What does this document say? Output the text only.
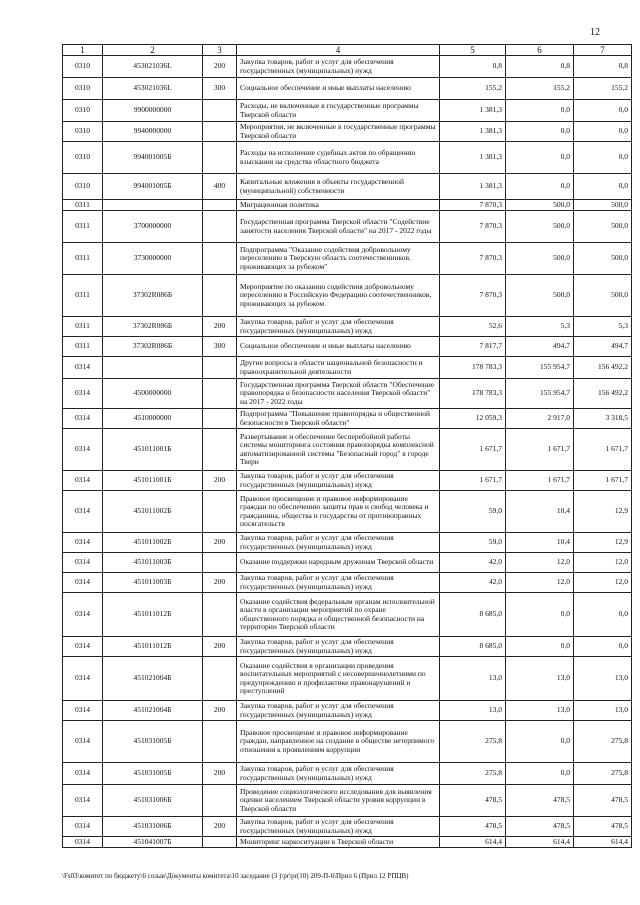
12
1	2	3	4	5	6	7
0310	453021036L	200	Закупка товаров, работ и услуг для обеспечения государственных (муниципальных) нужд	0,8	0,8	0,8
0310	453021036L	300	Социальное обеспечение и иные выплаты населению	155,2	155,2	155,2
0310	9900000000		Расходы, не включенные в государственные программы Тверской области	1 381,3	0,0	0,0
0310	9940000000		Мероприятия, не включенные в государственные программы Тверской области	1 381,3	0,0	0,0
0310	994001005Б		Расходы на исполнение судебных актов по обращению взыскания на средства областного бюджета	1 381,3	0,0	0,0
0310	994001005Б	400	Капитальные вложения в объекты государственной (муниципальной) собственности	1 381,3	0,0	0,0
0311			Миграционная политика	7 870,3	500,0	500,0
0311	3700000000		Государственная программа Тверской области "Содействие занятости населения Тверской области" на 2017 - 2022 годы	7 870,3	500,0	500,0
0311	3730000000		Подпрограмма "Оказание содействия добровольному переселению в Тверскую область соотечественников, проживающих за рубежом"	7 870,3	500,0	500,0
0311	37302R086Б		Мероприятие по оказанию содействия добровольному переселению в Российскую Федерацию соотечественников, проживающих за рубежом	7 870,3	500,0	500,0
0311	37302R086Б	200	Закупка товаров, работ и услуг для обеспечения государственных (муниципальных) нужд	52,6	5,3	5,3
0311	37302R086Б	300	Социальное обеспечение и иные выплаты населению	7 817,7	494,7	494,7
0314			Другие вопросы в области национальной безопасности и правоохранительной деятельности	178 783,3	155 954,7	156 492,2
0314	4500000000		Государственная программа Тверской области "Обеспечение правопорядка и безопасности населения Тверской области" на 2017 - 2022 годы	178 783,3	155 954,7	156 492,2
0314	4510000000		Подпрограмма "Повышение правопорядка и общественной безопасности в Тверской области"	12 059,3	2 917,0	3 318,5
0314	451011001Б		Развертывание и обеспечение бесперебойной работы системы мониторинга состояния правопорядка комплексной автоматизированной системы "Безопасный город" в городе Твери	1 671,7	1 671,7	1 671,7
0314	451011001Б	200	Закупка товаров, работ и услуг для обеспечения государственных (муниципальных) нужд	1 671,7	1 671,7	1 671,7
0314	451011002Б		Правовое просвещение и правовое информирование граждан по обеспечению защиты прав и свобод человека и гражданина, общества и государства от противоправных посягательств	59,0	10,4	12,9
0314	451011002Б	200	Закупка товаров, работ и услуг для обеспечения государственных (муниципальных) нужд	59,0	10,4	12,9
0314	451011003Б		Оказание поддержки народным дружинам Тверской области	42,0	12,0	12,0
0314	451011003Б	200	Закупка товаров, работ и услуг для обеспечения государственных (муниципальных) нужд	42,0	12,0	12,0
0314	451011012Б		Оказание содействия федеральным органам исполнительной власти в организации мероприятий по охране общественного порядка и общественной безопасности на территории Тверской области	8 685,0	0,0	0,0
0314	451011012Б	200	Закупка товаров, работ и услуг для обеспечения государственных (муниципальных) нужд	8 685,0	0,0	0,0
0314	451021004Б		Оказание содействия в организации проведения воспитательных мероприятий с несовершеннолетними по предупреждению и профилактике правонарушений и преступлений	13,0	13,0	13,0
0314	451021004Б	200	Закупка товаров, работ и услуг для обеспечения государственных (муниципальных) нужд	13,0	13,0	13,0
0314	451031005Б		Правовое просвещение и правовое информирование граждан, направленное на создание в обществе нетерпимого отношения к проявлениям коррупции	275,8	0,0	275,8
0314	451031005Б	200	Закупка товаров, работ и услуг для обеспечения государственных (муниципальных) нужд	275,8	0,0	275,8
0314	451031006Б		Проведение социологического исследования для выявления оценки населением Тверской области уровня коррупции в Тверской области	478,5	478,5	478,5
0314	451031006Б	200	Закупка товаров, работ и услуг для обеспечения государственных (муниципальных) нужд	478,5	478,5	478,5
0314	451041007Б		Мониторинг наркоситуации в Тверской области	614,4	614,4	614,4
\Fs03\комитет по бюджету\6 созыв\Документы комитета\10 заседание (3 )\pr\pr(10) 209-П-6\Прил 6 (Прил 12 РПЦВ)
